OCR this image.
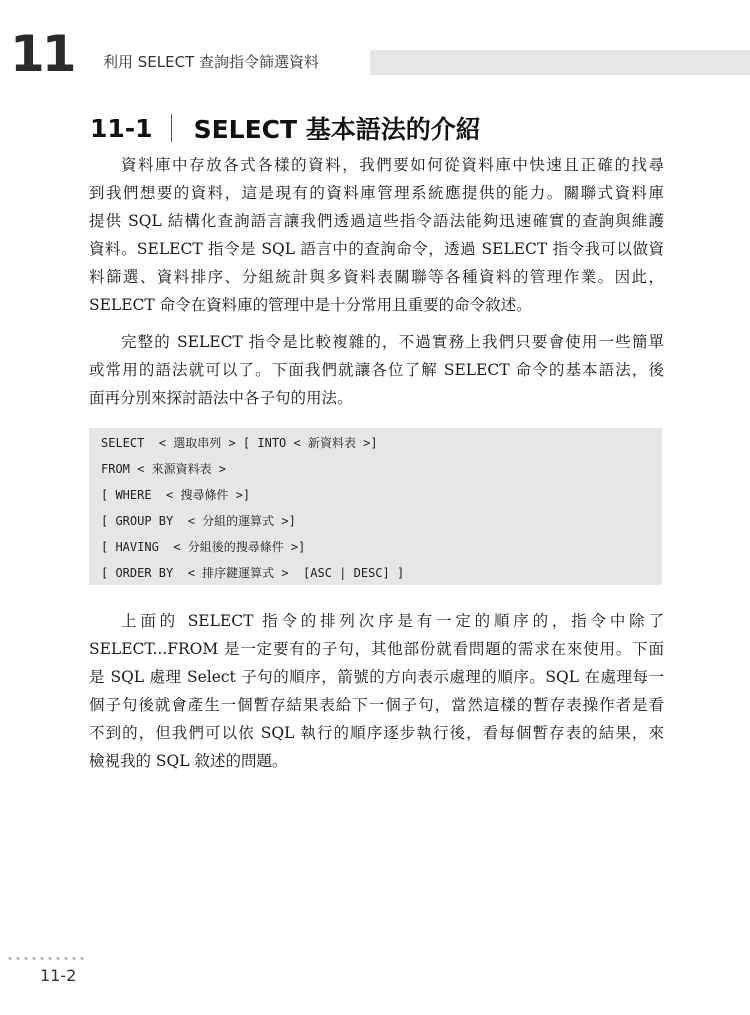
11	利用 SELECT 查詢指令篩選資料
11-1 SELECT 基本語法的介紹
資料庫中存放各式各樣的資料，我們要如何從資料庫中快速且正確的找尋
到我們想要的資料，這是現有的資料庫管理系統應提供的能力。關聯式資料庫
提供 SQL 結構化查詢語言讓我們透過這些指令語法能夠迅速確實的查詢與維護
資料。SELECT 指令是 SQL 語言中的查詢命令，透過 SELECT 指令我可以做資
料篩選、資料排序、分組統計與多資料表關聯等各種資料的管理作業。因此，
SELECT 命令在資料庫的管理中是十分常用且重要的命令敘述。
完整的 SELECT 指令是比較複雜的，不過實務上我們只要會使用一些簡單
或常用的語法就可以了。下面我們就讓各位了解 SELECT 命令的基本語法，後
面再分別來探討語法中各子句的用法。
SELECT  < 選取串列 > [ INTO < 新資料表 >]
FROM < 來源資料表 >
[ WHERE  < 搜尋條件 >]
[ GROUP BY  < 分組的運算式 >]
[ HAVING  < 分組後的搜尋條件 >]
[ ORDER BY  < 排序鍵運算式 >  [ASC | DESC] ]
上面的 SELECT 指令的排列次序是有一定的順序的，指令中除了
SELECT...FROM 是一定要有的子句，其他部份就看問題的需求在來使用。下面
是 SQL 處理 Select 子句的順序，箭號的方向表示處理的順序。SQL 在處理每一
個子句後就會產生一個暫存結果表給下一個子句，當然這樣的暫存表操作者是看
不到的，但我們可以依 SQL 執行的順序逐步執行後，看每個暫存表的結果，來
檢視我的 SQL 敘述的問題。
11-2
